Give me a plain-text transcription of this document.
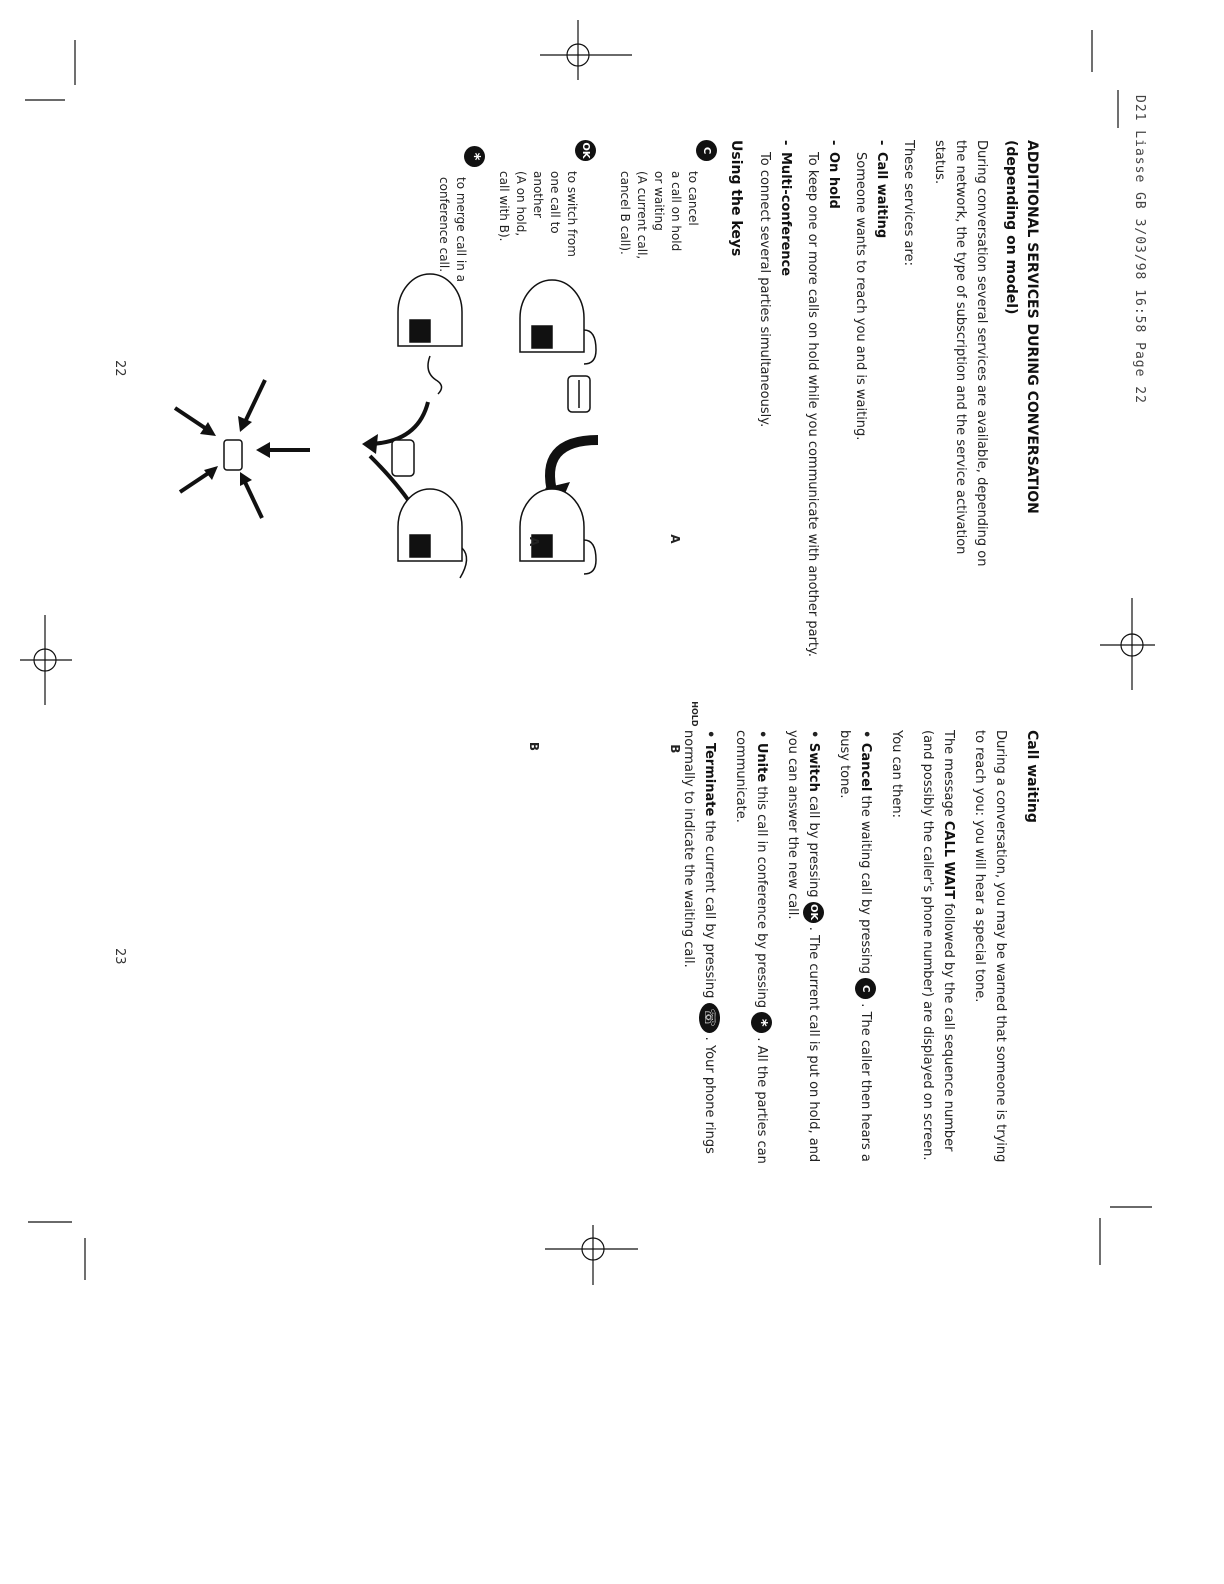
D21 Liasse GB 3/03/98 16:58 Page 22

ADDITIONAL SERVICES DURING CONVERSATION (depending on model)

During conversation several services are available, depending on the network, the type of subscription and the service activation status.

These services are:

- Call waiting
Someone wants to reach you and is waiting.
- On hold
To keep one or more calls on hold while you communicate with another party.
- Multi-conference
To connect several parties simultaneously.

Using the keys

C
to cancel
a call on hold
or waiting
(A current call,
cancel B call).
A
B
HOLD
OK
to switch from
one call to
another
(A on hold,
call with B).
A
B
*
to merge call in a
conference call.

Call waiting

During a conversation, you may be warned that someone is trying to reach you: you will hear a special tone.

The message CALL WAIT followed by the call sequence number (and possibly the caller's phone number) are displayed on screen.

You can then:

• Cancel the waiting call by pressing C . The caller then hears a busy tone.

• Switch call by pressing OK . The current call is put on hold, and you can answer the new call.

• Unite this call in conference by pressing * . All the parties can communicate.

• Terminate the current call by pressing ☏ . Your phone rings normally to indicate the waiting call.

22
23
